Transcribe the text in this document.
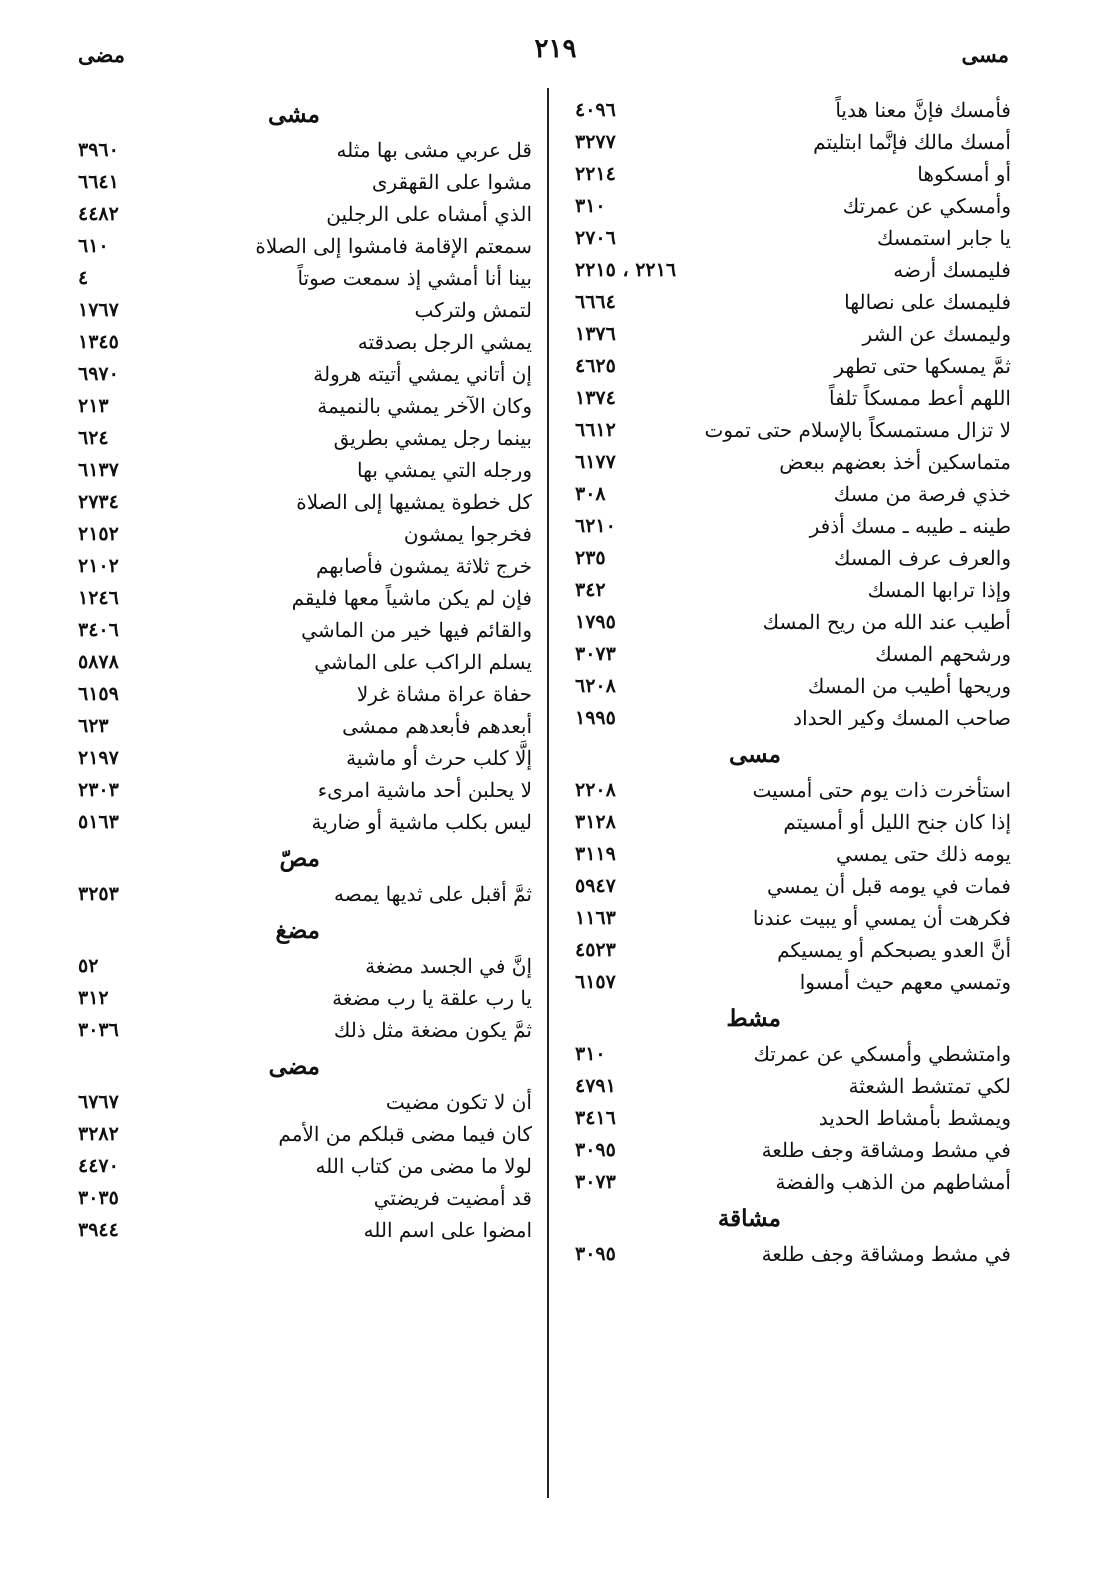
مضى	٢١٩	مسى
فأمسك فإنَّ معنا هدياً
٤٠٩٦
أمسك مالك فإنَّما ابتليتم
٣٢٧٧
أو أمسكوها
٢٢١٤
وأمسكي عن عمرتك
٣١٠
يا جابر استمسك
٢٧٠٦
فليمسك أرضه
٢٢١٦ ، ٢٢١٥
فليمسك على نصالها
٦٦٦٤
وليمسك عن الشر
١٣٧٦
ثمَّ يمسكها حتى تطهر
٤٦٢٥
اللهم أعط ممسكاً تلفاً
١٣٧٤
لا تزال مستمسكاً بالإسلام حتى تموت
٦٦١٢
متماسكين أخذ بعضهم ببعض
٦١٧٧
خذي فرصة من مسك
٣٠٨
طينه ـ طيبه ـ مسك أذفر
٦٢١٠
والعرف عرف المسك
٢٣٥
وإذا ترابها المسك
٣٤٢
أطيب عند الله من ريح المسك
١٧٩٥
ورشحهم المسك
٣٠٧٣
وريحها أطيب من المسك
٦٢٠٨
صاحب المسك وكير الحداد
١٩٩٥
مسى
استأخرت ذات يوم حتى أمسيت
٢٢٠٨
إذا كان جنح الليل أو أمسيتم
٣١٢٨
يومه ذلك حتى يمسي
٣١١٩
فمات في يومه قبل أن يمسي
٥٩٤٧
فكرهت أن يمسي أو يبيت عندنا
١١٦٣
أنَّ العدو يصبحكم أو يمسيكم
٤٥٢٣
وتمسي معهم حيث أمسوا
٦١٥٧
مشط
وامتشطي وأمسكي عن عمرتك
٣١٠
لكي تمتشط الشعثة
٤٧٩١
ويمشط بأمشاط الحديد
٣٤١٦
في مشط ومشاقة وجف طلعة
٣٠٩٥
أمشاطهم من الذهب والفضة
٣٠٧٣
مشاقة
في مشط ومشاقة وجف طلعة
٣٠٩٥
مشى
قل عربي مشى بها مثله
٣٩٦٠
مشوا على القهقرى
٦٦٤١
الذي أمشاه على الرجلين
٤٤٨٢
سمعتم الإقامة فامشوا إلى الصلاة
٦١٠
بينا أنا أمشي إذ سمعت صوتاً
٤
لتمش ولتركب
١٧٦٧
يمشي الرجل بصدقته
١٣٤٥
إن أتاني يمشي أتيته هرولة
٦٩٧٠
وكان الآخر يمشي بالنميمة
٢١٣
بينما رجل يمشي بطريق
٦٢٤
ورجله التي يمشي بها
٦١٣٧
كل خطوة يمشيها إلى الصلاة
٢٧٣٤
فخرجوا يمشون
٢١٥٢
خرج ثلاثة يمشون فأصابهم
٢١٠٢
فإن لم يكن ماشياً معها فليقم
١٢٤٦
والقائم فيها خير من الماشي
٣٤٠٦
يسلم الراكب على الماشي
٥٨٧٨
حفاة عراة مشاة غرلا
٦١٥٩
أبعدهم فأبعدهم ممشى
٦٢٣
إلَّا كلب حرث أو ماشية
٢١٩٧
لا يحلبن أحد ماشية امرىء
٢٣٠٣
ليس بكلب ماشية أو ضارية
٥١٦٣
مصّ
ثمَّ أقبل على ثديها يمصه
٣٢٥٣
مضغ
إنَّ في الجسد مضغة
٥٢
يا رب علقة يا رب مضغة
٣١٢
ثمَّ يكون مضغة مثل ذلك
٣٠٣٦
مضى
أن لا تكون مضيت
٦٧٦٧
كان فيما مضى قبلكم من الأمم
٣٢٨٢
لولا ما مضى من كتاب الله
٤٤٧٠
قد أمضيت فريضتي
٣٠٣٥
امضوا على اسم الله
٣٩٤٤
